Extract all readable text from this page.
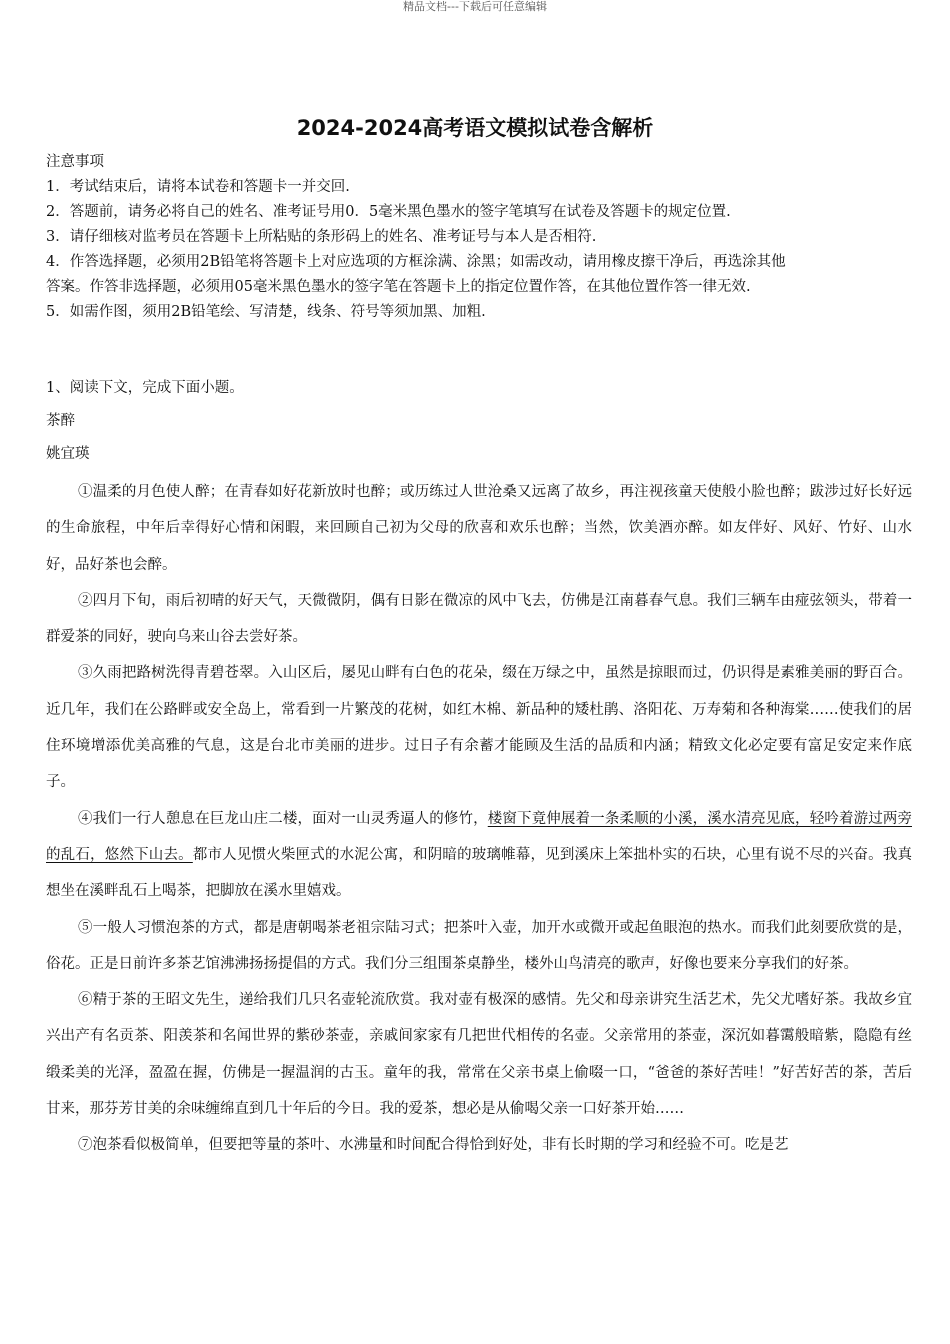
精品文档---下载后可任意编辑
2024-2024高考语文模拟试卷含解析
注意事项
1．考试结束后，请将本试卷和答题卡一并交回.
2．答题前，请务必将自己的姓名、准考证号用0．5毫米黑色墨水的签字笔填写在试卷及答题卡的规定位置.
3．请仔细核对监考员在答题卡上所粘贴的条形码上的姓名、准考证号与本人是否相符.
4．作答选择题，必须用2B铅笔将答题卡上对应选项的方框涂满、涂黑；如需改动，请用橡皮擦干净后，再选涂其他
答案。作答非选择题，必须用05毫米黑色墨水的签字笔在答题卡上的指定位置作答，在其他位置作答一律无效.
5．如需作图，须用2B铅笔绘、写清楚，线条、符号等须加黑、加粗.
1、阅读下文，完成下面小题。
茶醉
姚宜瑛

①温柔的月色使人醉；在青春如好花新放时也醉；或历练过人世沧桑又远离了故乡，再注视孩童天使般小脸也醉；跋涉过好长好远的生命旅程，中年后幸得好心情和闲暇，来回顾自己初为父母的欣喜和欢乐也醉；当然，饮美酒亦醉。如友伴好、风好、竹好、山水好，品好茶也会醉。

②四月下旬，雨后初晴的好天气，天微微阴，偶有日影在微凉的风中飞去，仿佛是江南暮春气息。我们三辆车由痖弦领头，带着一群爱茶的同好，驶向乌来山谷去尝好茶。

③久雨把路树洗得青碧苍翠。入山区后，屡见山畔有白色的花朵，缀在万绿之中，虽然是掠眼而过，仍识得是素雅美丽的野百合。近几年，我们在公路畔或安全岛上，常看到一片繁茂的花树，如红木棉、新品种的矮杜鹃、洛阳花、万寿菊和各种海棠……使我们的居住环境增添优美高雅的气息，这是台北市美丽的进步。过日子有余蓄才能顾及生活的品质和内涵；精致文化必定要有富足安定来作底子。

④我们一行人憩息在巨龙山庄二楼，面对一山灵秀逼人的修竹，楼窗下竟伸展着一条柔顺的小溪，溪水清亮见底，轻吟着游过两旁的乱石，悠然下山去。都市人见惯火柴匣式的水泥公寓，和阴暗的玻璃帷幕，见到溪床上笨拙朴实的石块，心里有说不尽的兴奋。我真想坐在溪畔乱石上喝茶，把脚放在溪水里嬉戏。

⑤一般人习惯泡茶的方式，都是唐朝喝茶老祖宗陆习式；把茶叶入壶，加开水或微开或起鱼眼泡的热水。而我们此刻要欣赏的是，俗花。正是日前许多茶艺馆沸沸扬扬提倡的方式。我们分三组围茶桌静坐，楼外山鸟清亮的歌声，好像也要来分享我们的好茶。

⑥精于茶的王昭文先生，递给我们几只名壶轮流欣赏。我对壶有极深的感情。先父和母亲讲究生活艺术，先父尤嗜好茶。我故乡宜兴出产有名贡茶、阳羡茶和名闻世界的紫砂茶壶，亲戚间家家有几把世代相传的名壶。父亲常用的茶壶，深沉如暮霭般暗紫，隐隐有丝缎柔美的光泽，盈盈在握，仿佛是一握温润的古玉。童年的我，常常在父亲书桌上偷啜一口，“爸爸的茶好苦哇！”好苦好苦的茶，苦后甘来，那芬芳甘美的余味缠绵直到几十年后的今日。我的爱茶，想必是从偷喝父亲一口好茶开始……

⑦泡茶看似极简单，但要把等量的茶叶、水沸量和时间配合得恰到好处，非有长时期的学习和经验不可。吃是艺
